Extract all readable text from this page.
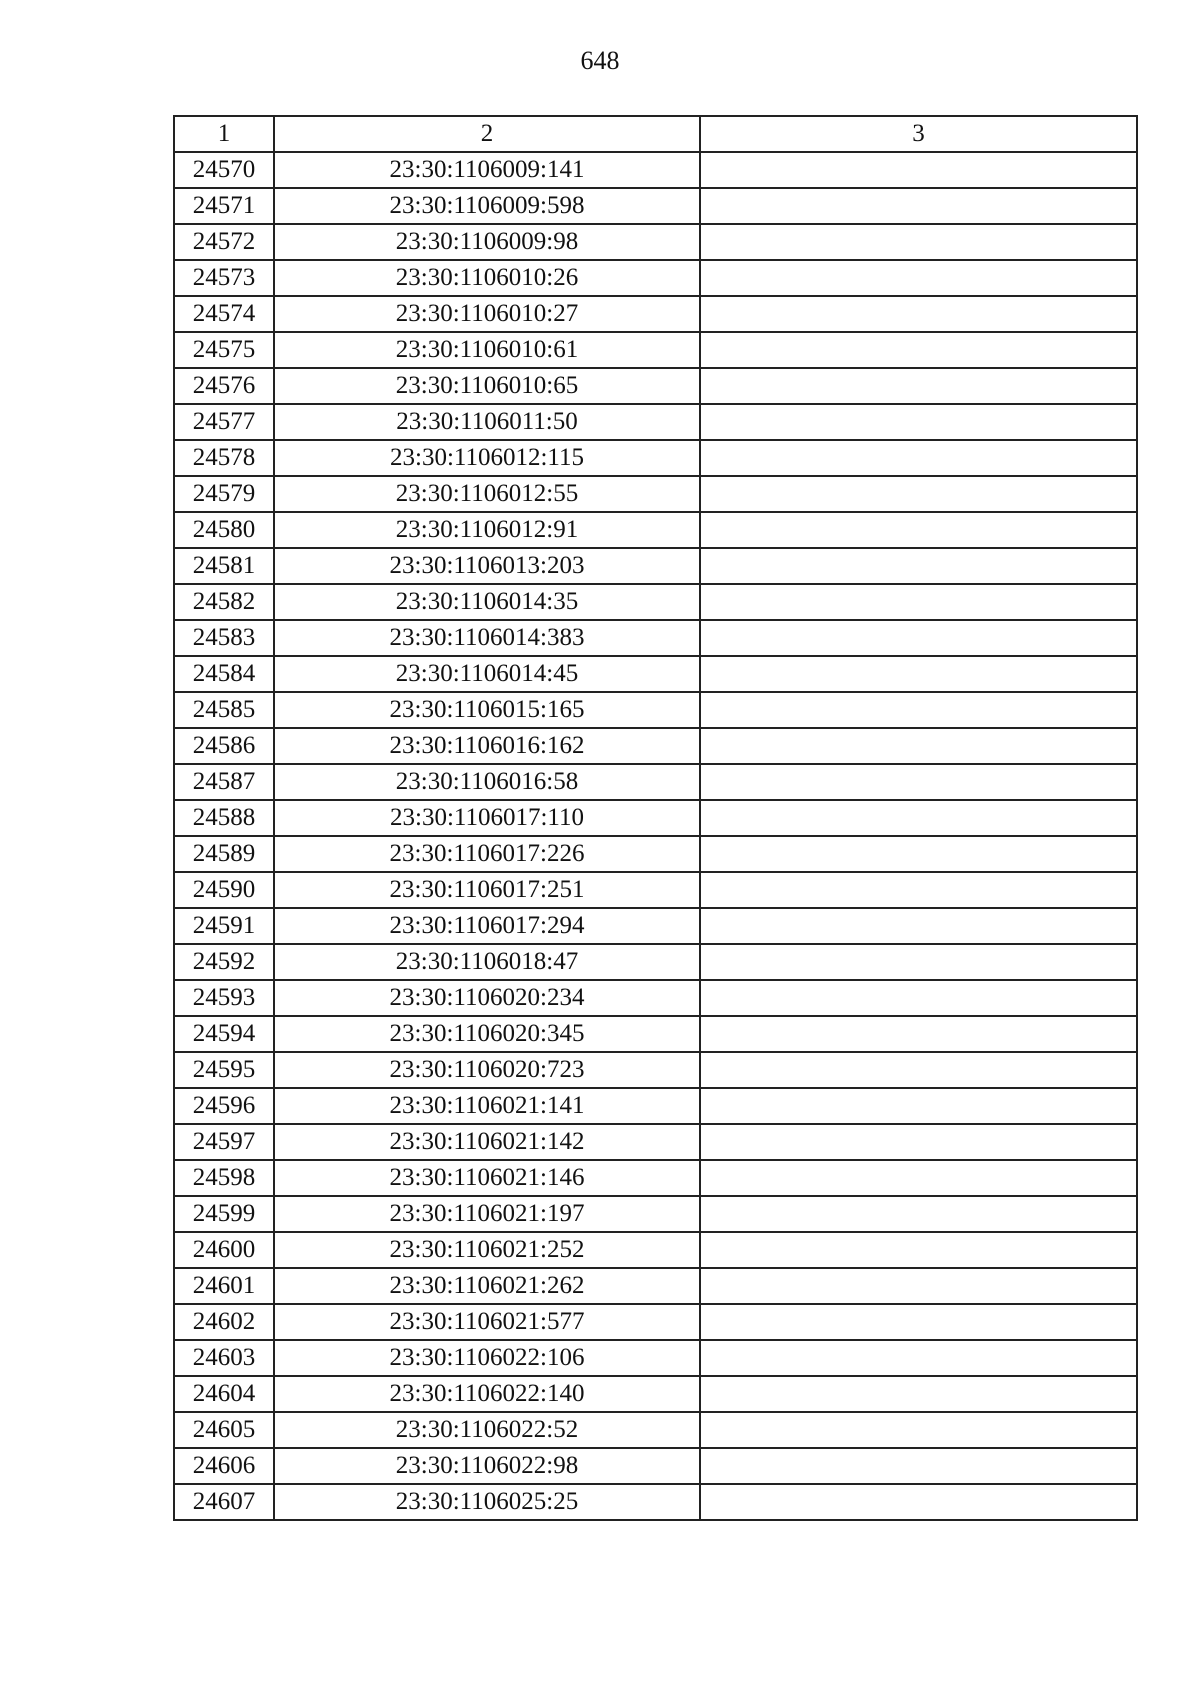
648
1	2	3
24570	23:30:1106009:141	
24571	23:30:1106009:598	
24572	23:30:1106009:98	
24573	23:30:1106010:26	
24574	23:30:1106010:27	
24575	23:30:1106010:61	
24576	23:30:1106010:65	
24577	23:30:1106011:50	
24578	23:30:1106012:115	
24579	23:30:1106012:55	
24580	23:30:1106012:91	
24581	23:30:1106013:203	
24582	23:30:1106014:35	
24583	23:30:1106014:383	
24584	23:30:1106014:45	
24585	23:30:1106015:165	
24586	23:30:1106016:162	
24587	23:30:1106016:58	
24588	23:30:1106017:110	
24589	23:30:1106017:226	
24590	23:30:1106017:251	
24591	23:30:1106017:294	
24592	23:30:1106018:47	
24593	23:30:1106020:234	
24594	23:30:1106020:345	
24595	23:30:1106020:723	
24596	23:30:1106021:141	
24597	23:30:1106021:142	
24598	23:30:1106021:146	
24599	23:30:1106021:197	
24600	23:30:1106021:252	
24601	23:30:1106021:262	
24602	23:30:1106021:577	
24603	23:30:1106022:106	
24604	23:30:1106022:140	
24605	23:30:1106022:52	
24606	23:30:1106022:98	
24607	23:30:1106025:25	
